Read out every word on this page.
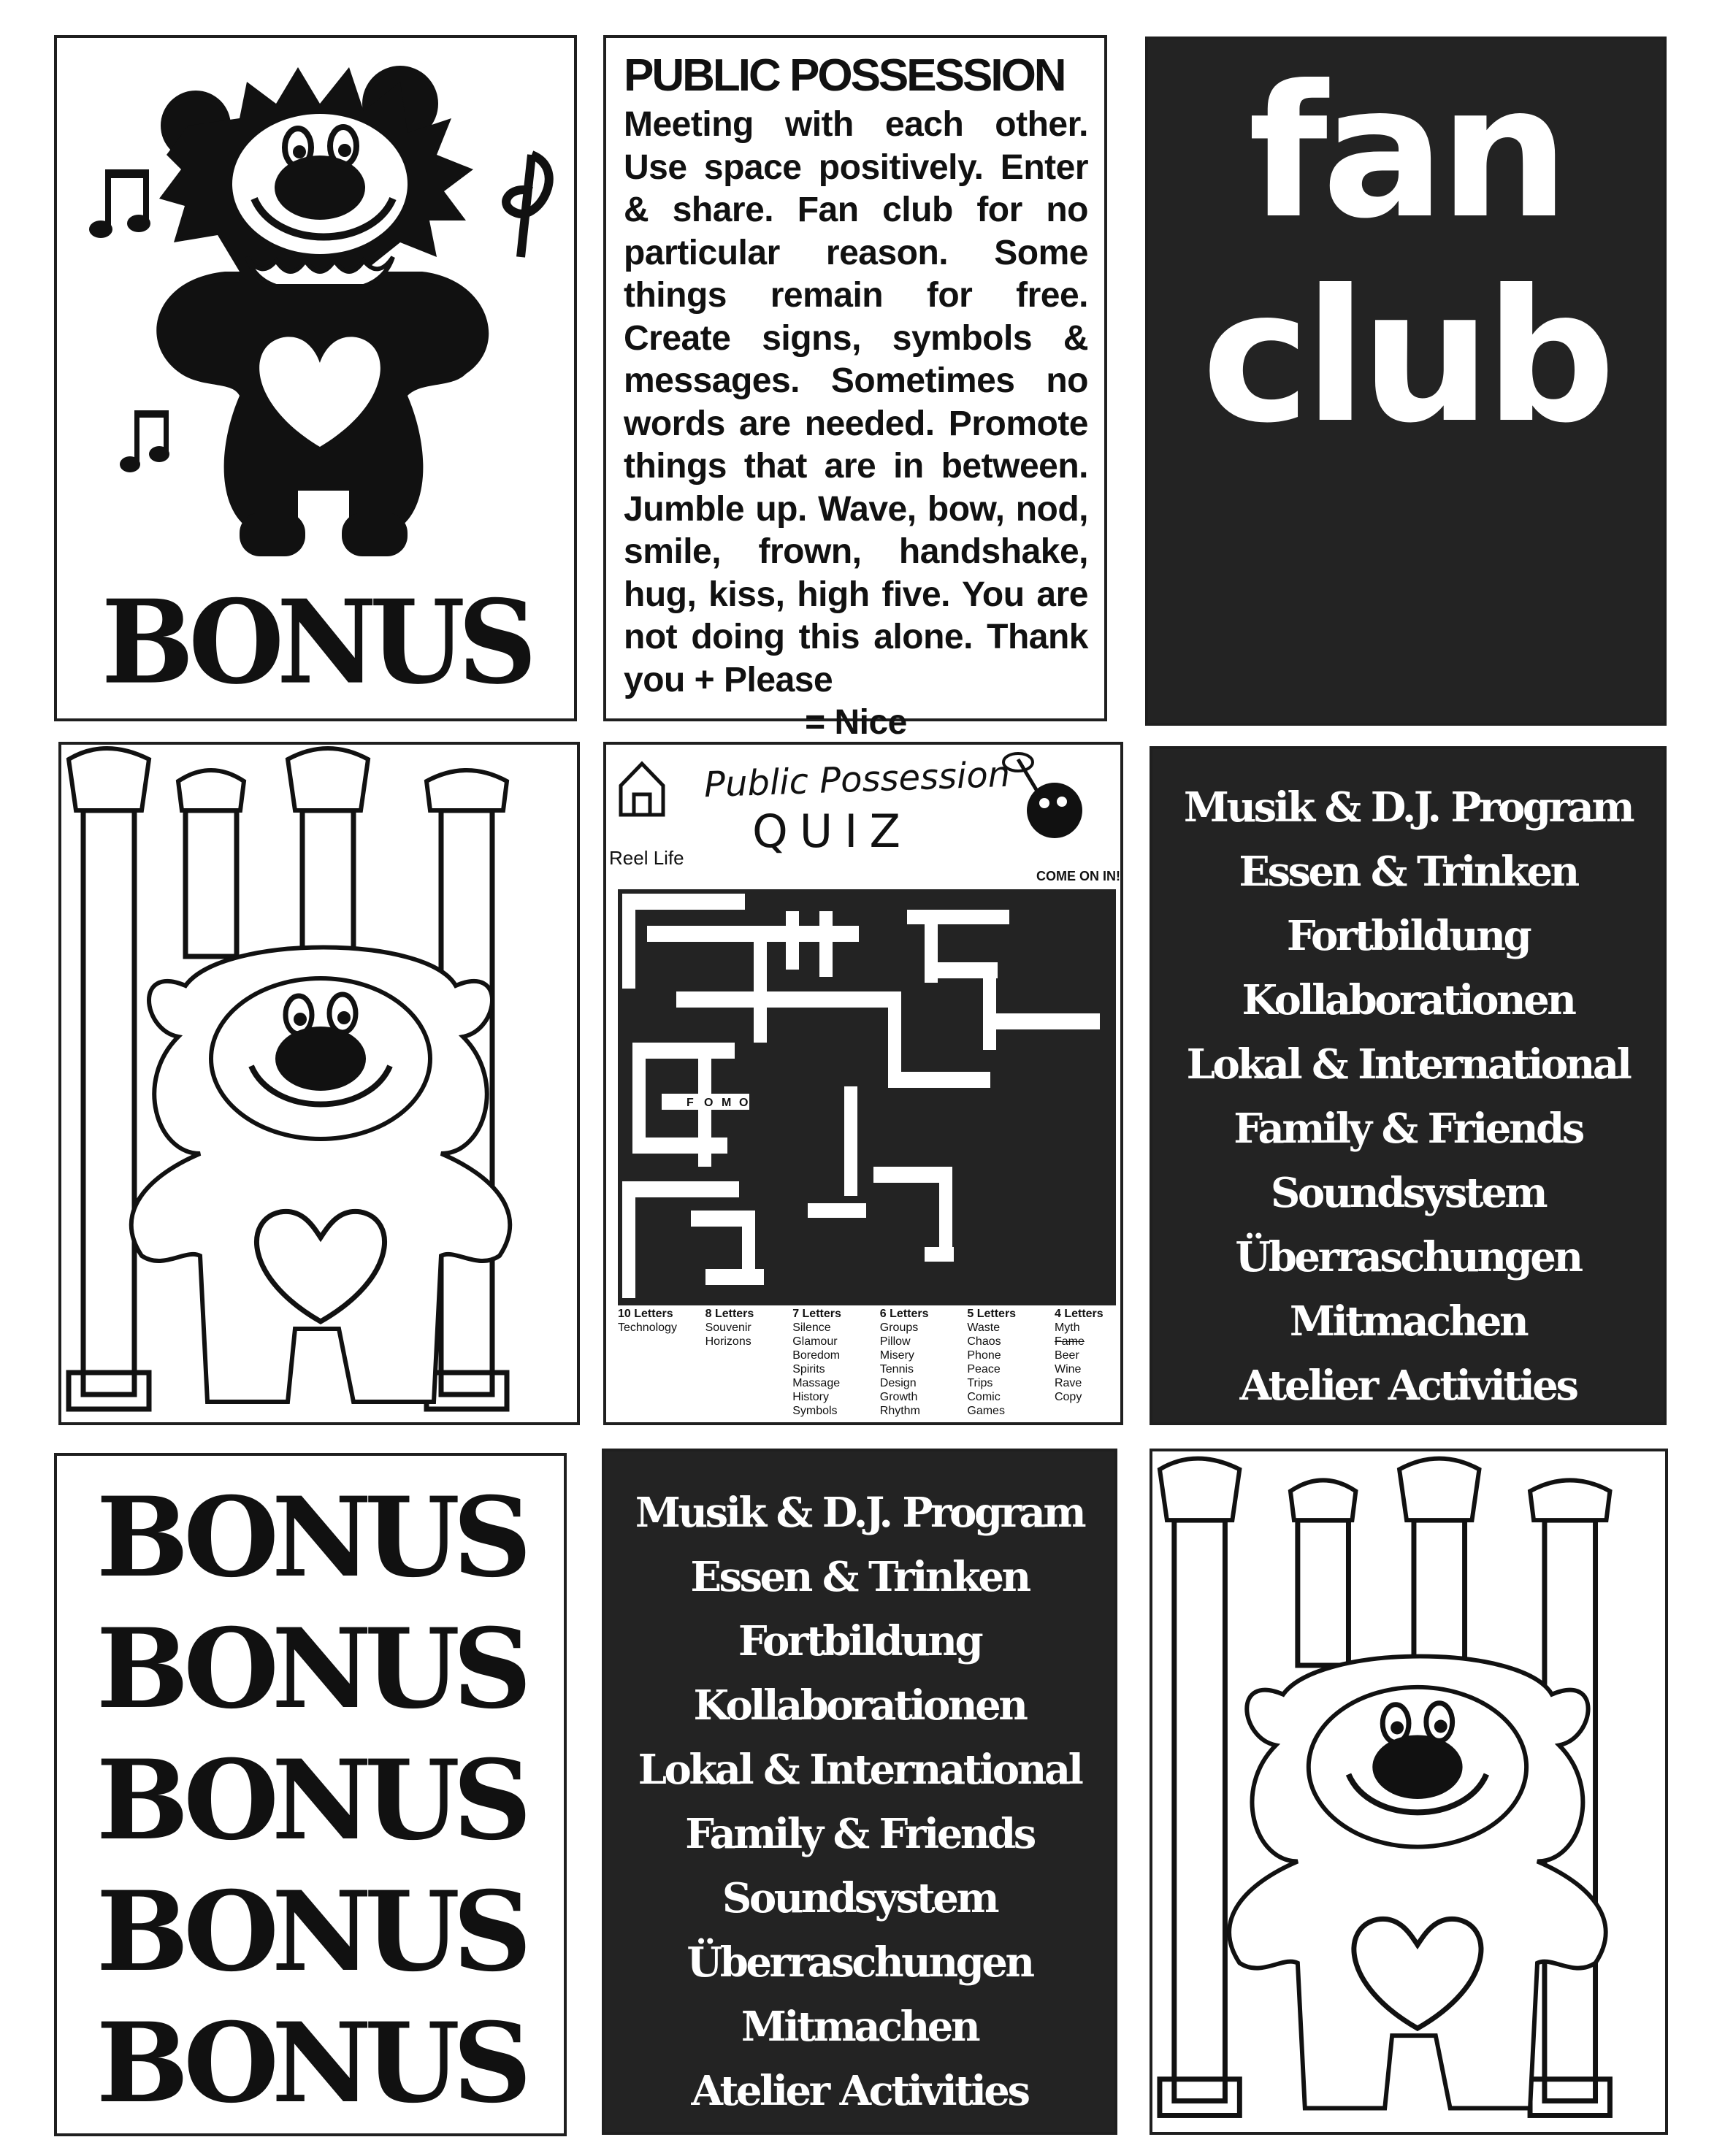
BONUS
PUBLIC POSSESSION
Meeting with each other. Use space positively. Enter & share. Fan club for no particular reason. Some things remain for free. Create signs, symbols & messages. Sometimes no words are needed. Promote things that are in between. Jumble up. Wave, bow, nod, smile, frown, handshake, hug, kiss, high five. You are not doing this alone. Thank you + Please
= Nice
fan
club
Reel Life
Public Possession
QUIZ
COME ON IN!
F O M O
10 Letters
Technology
8 Letters
Souvenir
Horizons
7 Letters
Silence
Glamour
Boredom
Spirits
Massage
History
Symbols
6 Letters
Groups
Pillow
Misery
Tennis
Design
Growth
Rhythm
5 Letters
Waste
Chaos
Phone
Peace
Trips
Comic
Games
4 Letters
Myth
Fame
Beer
Wine
Rave
Copy
Musik & D.J. Program
Essen & Trinken
Fortbildung
Kollaborationen
Lokal & International
Family & Friends
Soundsystem
Überraschungen
Mitmachen
Atelier Activities
BONUS
BONUS
BONUS
BONUS
BONUS
Musik & D.J. Program
Essen & Trinken
Fortbildung
Kollaborationen
Lokal & International
Family & Friends
Soundsystem
Überraschungen
Mitmachen
Atelier Activities
